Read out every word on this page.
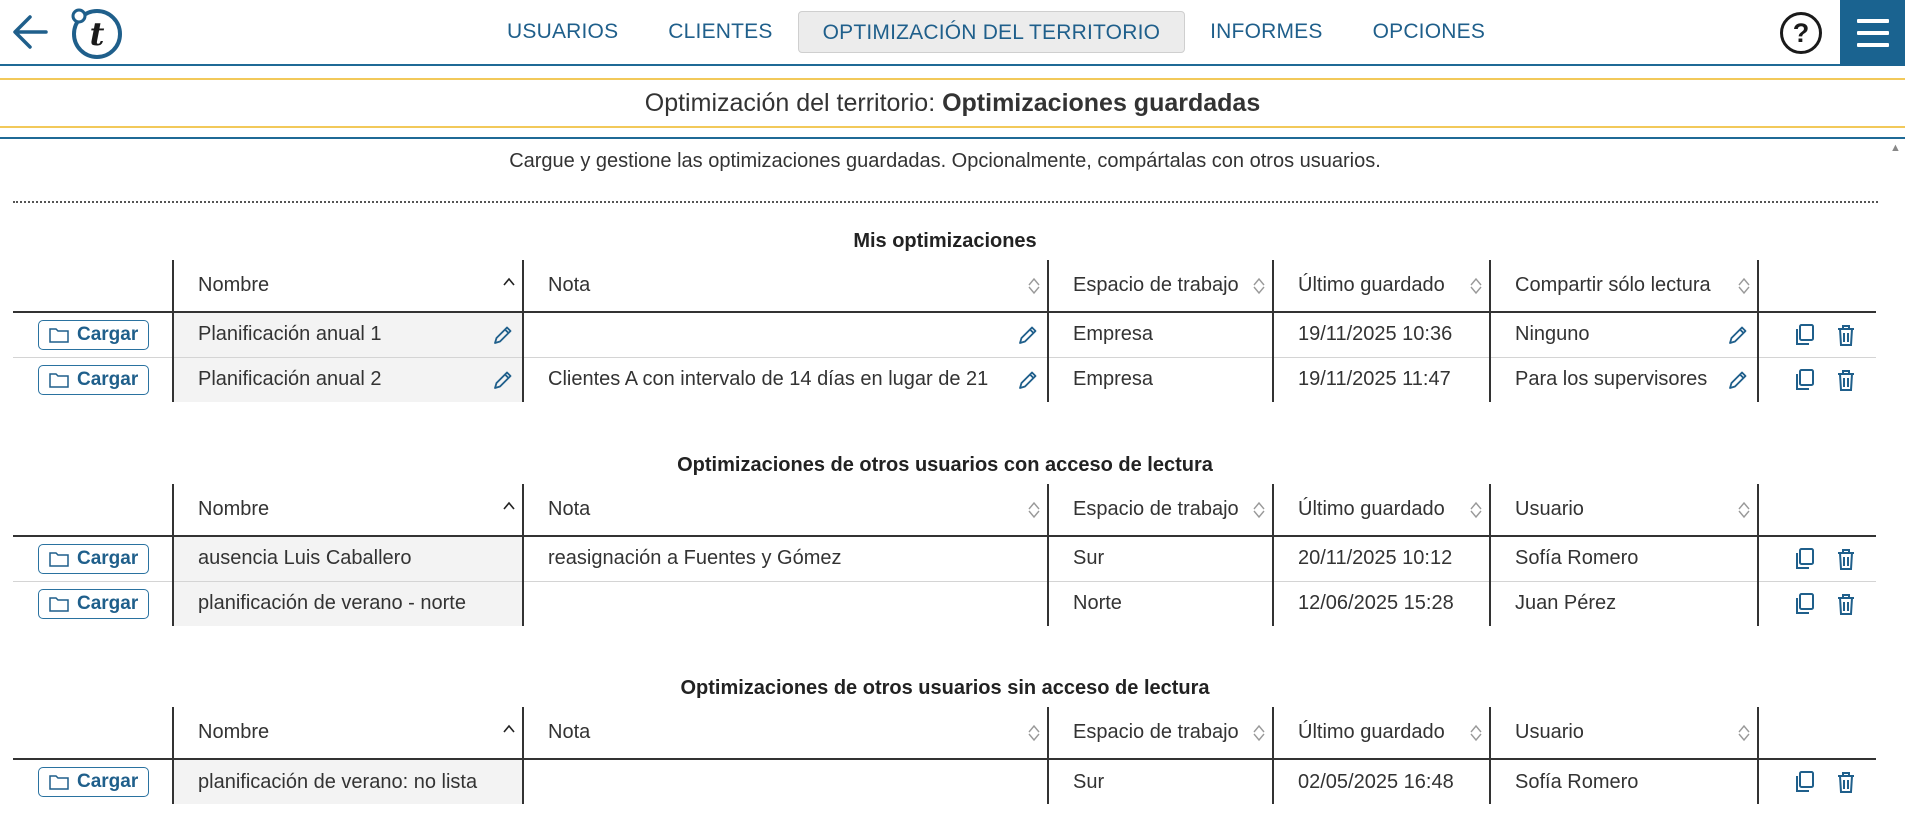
t	USUARIOS	CLIENTES	OPTIMIZACIÓN DEL TERRITORIO	INFORMES	OPCIONES	?
Optimización del territorio: Optimizaciones guardadas
▲
Cargue y gestione las optimizaciones guardadas. Opcionalmente, compártalas con otros usuarios.
Mis optimizaciones
	Nombre	Nota	Espacio de trabajo	Último guardado	Compartir sólo lectura

Cargar	Planificación anual 1		Empresa	19/11/2025 10:36	Ninguno

Cargar	Planificación anual 2	Clientes A con intervalo de 14 días en lugar de 21	Empresa	19/11/2025 11:47	Para los supervisores

Optimizaciones de otros usuarios con acceso de lectura
	Nombre	Nota	Espacio de trabajo	Último guardado	Usuario

Cargar	ausencia Luis Caballero	reasignación a Fuentes y Gómez	Sur	20/11/2025 10:12	Sofía Romero	

Cargar	planificación de verano - norte		Norte	12/06/2025 15:28	Juan Pérez	
Optimizaciones de otros usuarios sin acceso de lectura
	Nombre	Nota	Espacio de trabajo	Último guardado	Usuario

Cargar	planificación de verano: no lista		Sur	02/05/2025 16:48	Sofía Romero	
